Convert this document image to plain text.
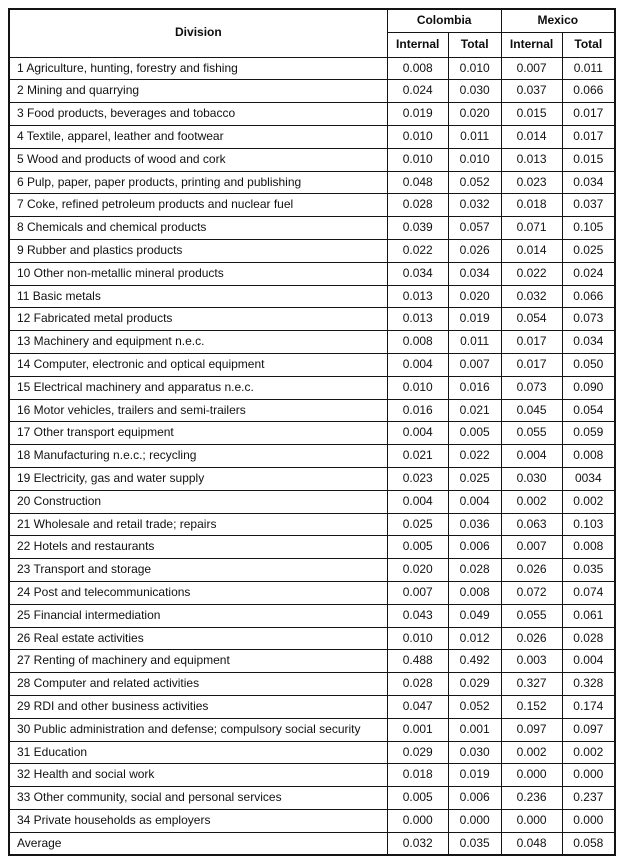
Division	Colombia		Mexico	
	Internal	Total	Internal	Total
1 Agriculture, hunting, forestry and fishing	0.008	0.010	0.007	0.011
2 Mining and quarrying	0.024	0.030	0.037	0.066
3 Food products, beverages and tobacco	0.019	0.020	0.015	0.017
4 Textile, apparel, leather and footwear	0.010	0.011	0.014	0.017
5 Wood and products of wood and cork	0.010	0.010	0.013	0.015
6 Pulp, paper, paper products, printing and publishing	0.048	0.052	0.023	0.034
7 Coke, refined petroleum products and nuclear fuel	0.028	0.032	0.018	0.037
8 Chemicals and chemical products	0.039	0.057	0.071	0.105
9 Rubber and plastics products	0.022	0.026	0.014	0.025
10 Other non-metallic mineral products	0.034	0.034	0.022	0.024
11 Basic metals	0.013	0.020	0.032	0.066
12 Fabricated metal products	0.013	0.019	0.054	0.073
13 Machinery and equipment n.e.c.	0.008	0.011	0.017	0.034
14 Computer, electronic and optical equipment	0.004	0.007	0.017	0.050
15 Electrical machinery and apparatus n.e.c.	0.010	0.016	0.073	0.090
16 Motor vehicles, trailers and semi-trailers	0.016	0.021	0.045	0.054
17 Other transport equipment	0.004	0.005	0.055	0.059
18 Manufacturing n.e.c.; recycling	0.021	0.022	0.004	0.008
19 Electricity, gas and water supply	0.023	0.025	0.030	0034
20 Construction	0.004	0.004	0.002	0.002
21 Wholesale and retail trade; repairs	0.025	0.036	0.063	0.103
22 Hotels and restaurants	0.005	0.006	0.007	0.008
23 Transport and storage	0.020	0.028	0.026	0.035
24 Post and telecommunications	0.007	0.008	0.072	0.074
25 Financial intermediation	0.043	0.049	0.055	0.061
26 Real estate activities	0.010	0.012	0.026	0.028
27 Renting of machinery and equipment	0.488	0.492	0.003	0.004
28 Computer and related activities	0.028	0.029	0.327	0.328
29 RDI and other business activities	0.047	0.052	0.152	0.174
30 Public administration and defense; compulsory social security	0.001	0.001	0.097	0.097
31 Education	0.029	0.030	0.002	0.002
32 Health and social work	0.018	0.019	0.000	0.000
33 Other community, social and personal services	0.005	0.006	0.236	0.237
34 Private households as employers	0.000	0.000	0.000	0.000
Average	0.032	0.035	0.048	0.058
